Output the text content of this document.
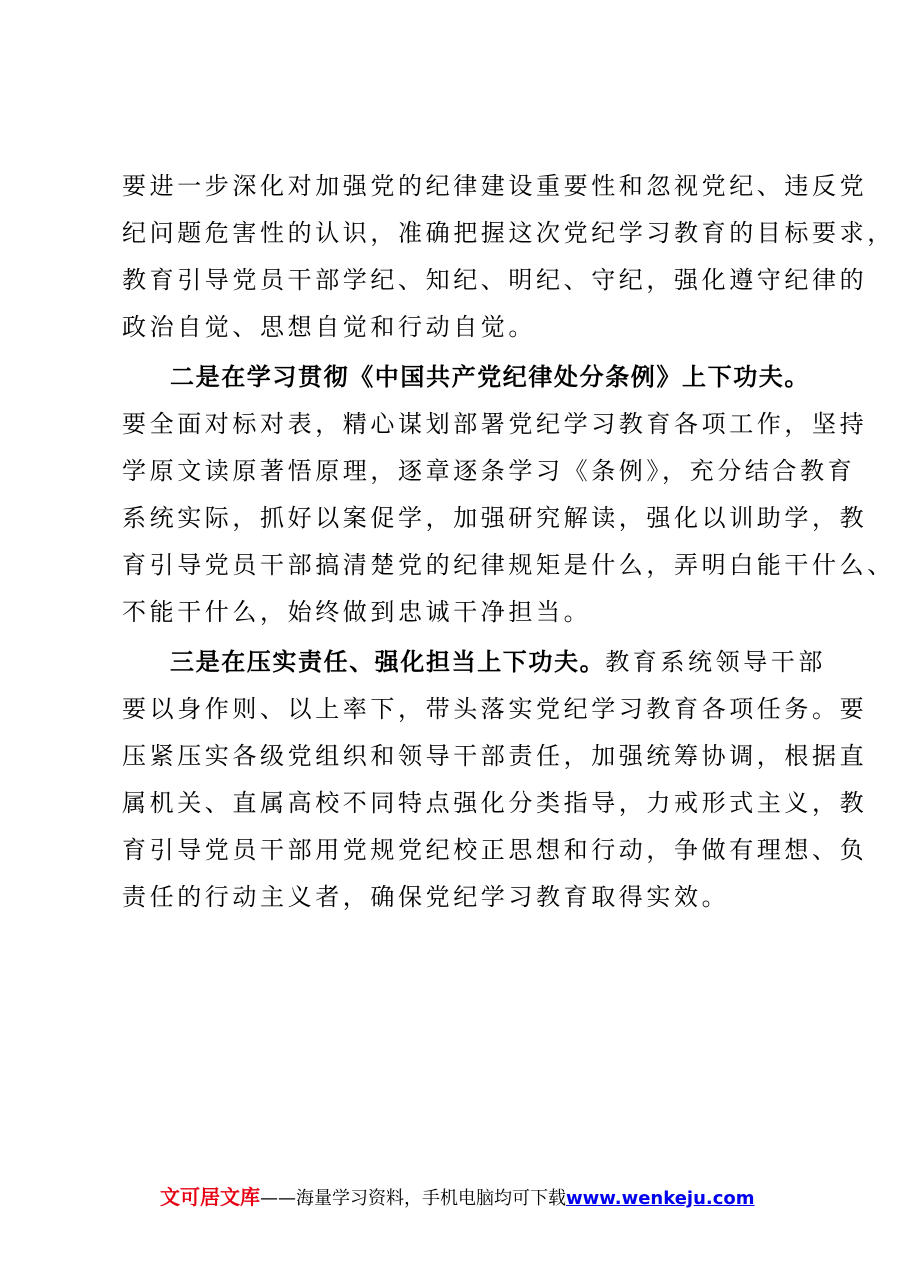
要进一步深化对加强党的纪律建设重要性和忽视党纪、违反党
纪问题危害性的认识，准确把握这次党纪学习教育的目标要求，
教育引导党员干部学纪、知纪、明纪、守纪，强化遵守纪律的
政治自觉、思想自觉和行动自觉。
二是在学习贯彻《中国共产党纪律处分条例》上下功夫。
要全面对标对表，精心谋划部署党纪学习教育各项工作，坚持
学原文读原著悟原理，逐章逐条学习《条例》，充分结合教育
系统实际，抓好以案促学，加强研究解读，强化以训助学，教
育引导党员干部搞清楚党的纪律规矩是什么，弄明白能干什么、
不能干什么，始终做到忠诚干净担当。
三是在压实责任、强化担当上下功夫。教育系统领导干部
要以身作则、以上率下，带头落实党纪学习教育各项任务。要
压紧压实各级党组织和领导干部责任，加强统筹协调，根据直
属机关、直属高校不同特点强化分类指导，力戒形式主义，教
育引导党员干部用党规党纪校正思想和行动，争做有理想、负
责任的行动主义者，确保党纪学习教育取得实效。
文可居文库——海量学习资料，手机电脑均可下载www.wenkeju.com
